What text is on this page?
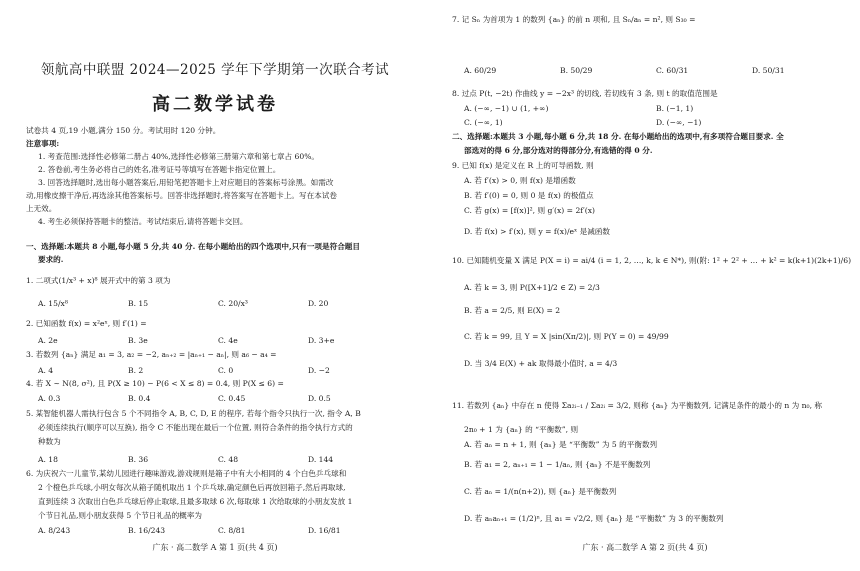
领航高中联盟 2024—2025 学年下学期第一次联合考试
高二数学试卷
试卷共 4 页,19 小题,满分 150 分。考试用时 120 分钟。
注意事项:
1. 考查范围:选择性必修第二册占 40%,选择性必修第三册第六章和第七章占 60%。
2. 答卷前,考生务必将自己的姓名,准考证号等填写在答题卡指定位置上。
3. 回答选择题时,选出每小题答案后,用铅笔把答题卡上对应题目的答案标号涂黑。如需改
动,用橡皮擦干净后,再选涂其他答案标号。回答非选择题时,将答案写在答题卡上。写在本试卷
上无效。
4. 考生必须保持答题卡的整洁。考试结束后,请将答题卡交回。
一、选择题:本题共 8 小题,每小题 5 分,共 40 分. 在每小题给出的四个选项中,只有一项是符合题目
要求的.
1. 二项式(1/x³ + x)⁸ 展开式中的第 3 项为
A. 15/x⁸	B. 15	C. 20/x³	D. 20
2. 已知函数 f(x) = x²eˣ, 则 f′(1) =
A. 2e	B. 3e	C. 4e	D. 3+e
3. 若数列 {aₙ} 满足 a₁ = 3, a₂ = −2, aₙ₊₂ = |aₙ₊₁ − aₙ|, 则 a₆ − a₄ =
A. 4	B. 2	C. 0	D. −2
4. 若 X ~ N(8, σ²), 且 P(X ≥ 10) − P(6 < X ≤ 8) = 0.4, 则 P(X ≤ 6) =
A. 0.3	B. 0.4	C. 0.45	D. 0.5
5. 某智能机器人需执行包含 5 个不同指令 A, B, C, D, E 的程序, 若每个指令只执行一次, 指令 A, B
必须连续执行(顺序可以互换), 指令 C 不能出现在最后一个位置, 则符合条件的指令执行方式的
种数为
A. 18	B. 36	C. 48	D. 144
6. 为庆祝六一儿童节,某幼儿园进行趣味游戏,游戏规则是箱子中有大小相同的 4 个白色乒乓球和
2 个橙色乒乓球,小明女每次从箱子随机取出 1 个乒乓球,确定颜色后再放回箱子,然后再取球,
直到连续 3 次取出白色乒乓球后停止取球,且最多取球 6 次,每取球 1 次给取球的小朋友发放 1
个节日礼品,则小朋友获得 5 个节日礼品的概率为
A. 8/243	B. 16/243	C. 8/81	D. 16/81
广东 · 高二数学 A 第 1 页(共 4 页)
7. 记 Sₙ 为首项为 1 的数列 {aₙ} 的前 n 项和, 且 Sₙ/aₙ = n², 则 S₃₀ =
A. 60/29	B. 50/29	C. 60/31	D. 50/31
8. 过点 P(t, −2t) 作曲线 y = −2x³ 的切线, 若切线有 3 条, 则 t 的取值范围是
A. (−∞, −1) ∪ (1, +∞)	B. (−1, 1)
C. (−∞, 1)	D. (−∞, −1)
二、选择题:本题共 3 小题,每小题 6 分,共 18 分. 在每小题给出的选项中,有多项符合题目要求. 全
部选对的得 6 分,部分选对的得部分分,有选错的得 0 分.
9. 已知 f(x) 是定义在 R 上的可导函数, 则
A. 若 f′(x) > 0, 则 f(x) 是增函数
B. 若 f′(0) = 0, 则 0 是 f(x) 的极值点
C. 若 g(x) = [f(x)]², 则 g′(x) = 2f′(x)
D. 若 f(x) > f′(x), 则 y = f(x)/eˣ 是减函数
10. 已知随机变量 X 满足 P(X = i) = ai/4 (i = 1, 2, …, k, k ∈ N*), 则(附: 1² + 2² + … + k² = k(k+1)(2k+1)/6)
A. 若 k = 3, 则 P([X+1]/2 ∈ Z) = 2/3
B. 若 a = 2/5, 则 E(X) = 2
C. 若 k = 99, 且 Y = X |sin(Xπ/2)|, 则 P(Y = 0) = 49/99
D. 当 3/4 E(X) + ak 取得最小值时, a = 4/3
11. 若数列 {aₙ} 中存在 n 使得 Σa₂ᵢ₋₁ / Σa₂ᵢ = 3/2, 则称 {aₙ} 为平衡数列, 记满足条件的最小的 n 为 n₀, 称
2n₀ + 1 为 {aₙ} 的 “平衡数”, 则
A. 若 aₙ = n + 1, 则 {aₙ} 是 “平衡数” 为 5 的平衡数列
B. 若 a₁ = 2, aₙ₊₁ = 1 − 1/aₙ, 则 {aₙ} 不是平衡数列
C. 若 aₙ = 1/(n(n+2)), 则 {aₙ} 是平衡数列
D. 若 aₙaₙ₊₁ = (1/2)ⁿ, 且 a₁ = √2/2, 则 {aₙ} 是 “平衡数” 为 3 的平衡数列
广东 · 高二数学 A 第 2 页(共 4 页)
